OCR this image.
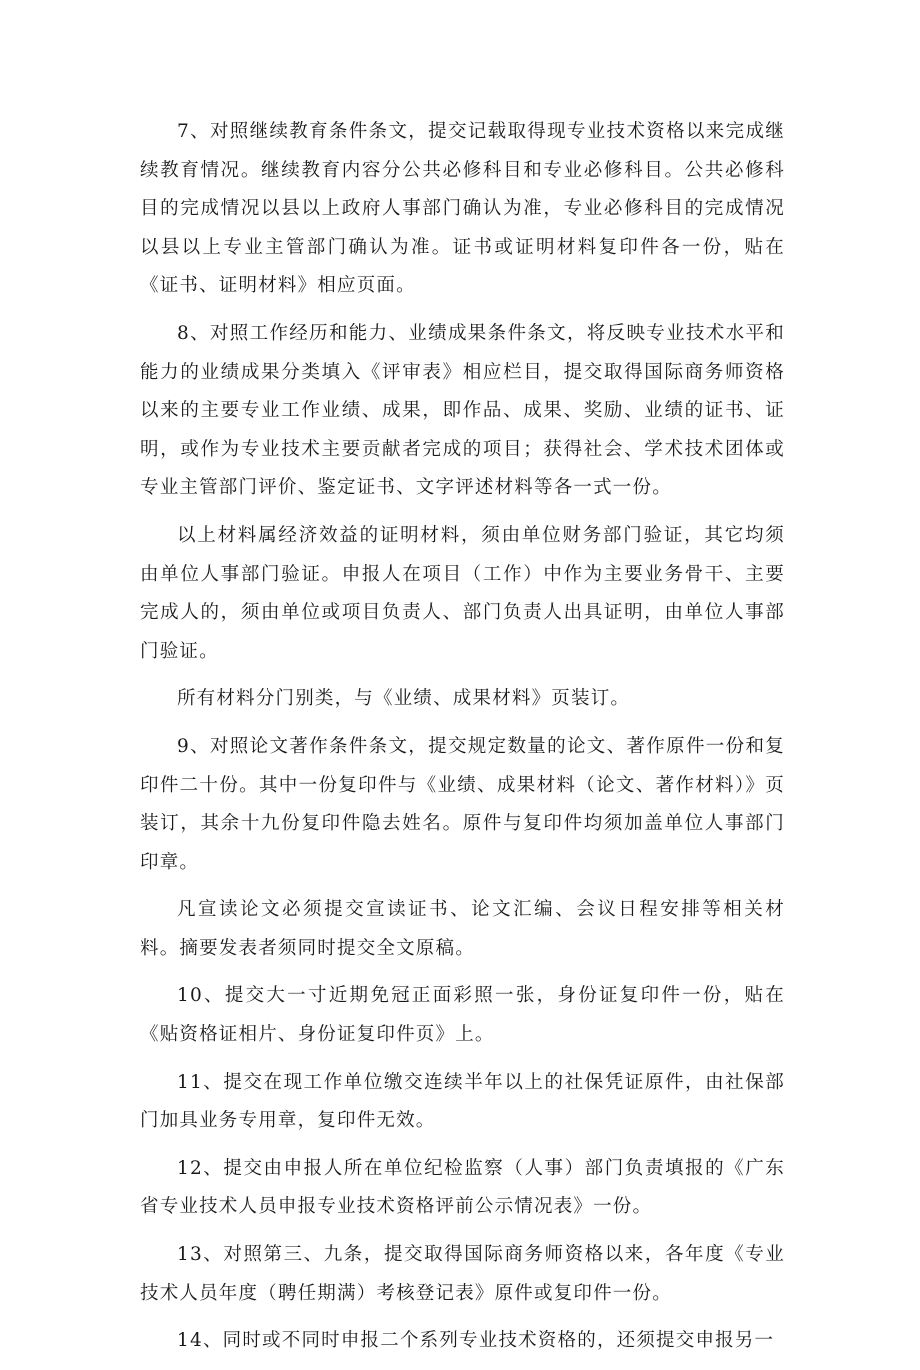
7、对照继续教育条件条文，提交记载取得现专业技术资格以来完成继续教育情况。继续教育内容分公共必修科目和专业必修科目。公共必修科目的完成情况以县以上政府人事部门确认为准，专业必修科目的完成情况以县以上专业主管部门确认为准。证书或证明材料复印件各一份，贴在《证书、证明材料》相应页面。

8、对照工作经历和能力、业绩成果条件条文，将反映专业技术水平和能力的业绩成果分类填入《评审表》相应栏目，提交取得国际商务师资格以来的主要专业工作业绩、成果，即作品、成果、奖励、业绩的证书、证明，或作为专业技术主要贡献者完成的项目；获得社会、学术技术团体或专业主管部门评价、鉴定证书、文字评述材料等各一式一份。

以上材料属经济效益的证明材料，须由单位财务部门验证，其它均须由单位人事部门验证。申报人在项目（工作）中作为主要业务骨干、主要完成人的，须由单位或项目负责人、部门负责人出具证明，由单位人事部门验证。

所有材料分门别类，与《业绩、成果材料》页装订。

9、对照论文著作条件条文，提交规定数量的论文、著作原件一份和复印件二十份。其中一份复印件与《业绩、成果材料（论文、著作材料）》页装订，其余十九份复印件隐去姓名。原件与复印件均须加盖单位人事部门印章。

凡宣读论文必须提交宣读证书、论文汇编、会议日程安排等相关材料。摘要发表者须同时提交全文原稿。

10、提交大一寸近期免冠正面彩照一张，身份证复印件一份，贴在《贴资格证相片、身份证复印件页》上。

11、提交在现工作单位缴交连续半年以上的社保凭证原件，由社保部门加具业务专用章，复印件无效。

12、提交由申报人所在单位纪检监察（人事）部门负责填报的《广东省专业技术人员申报专业技术资格评前公示情况表》一份。

13、对照第三、九条，提交取得国际商务师资格以来，各年度《专业技术人员年度（聘任期满）考核登记表》原件或复印件一份。

14、同时或不同时申报二个系列专业技术资格的，还须提交申报另一
